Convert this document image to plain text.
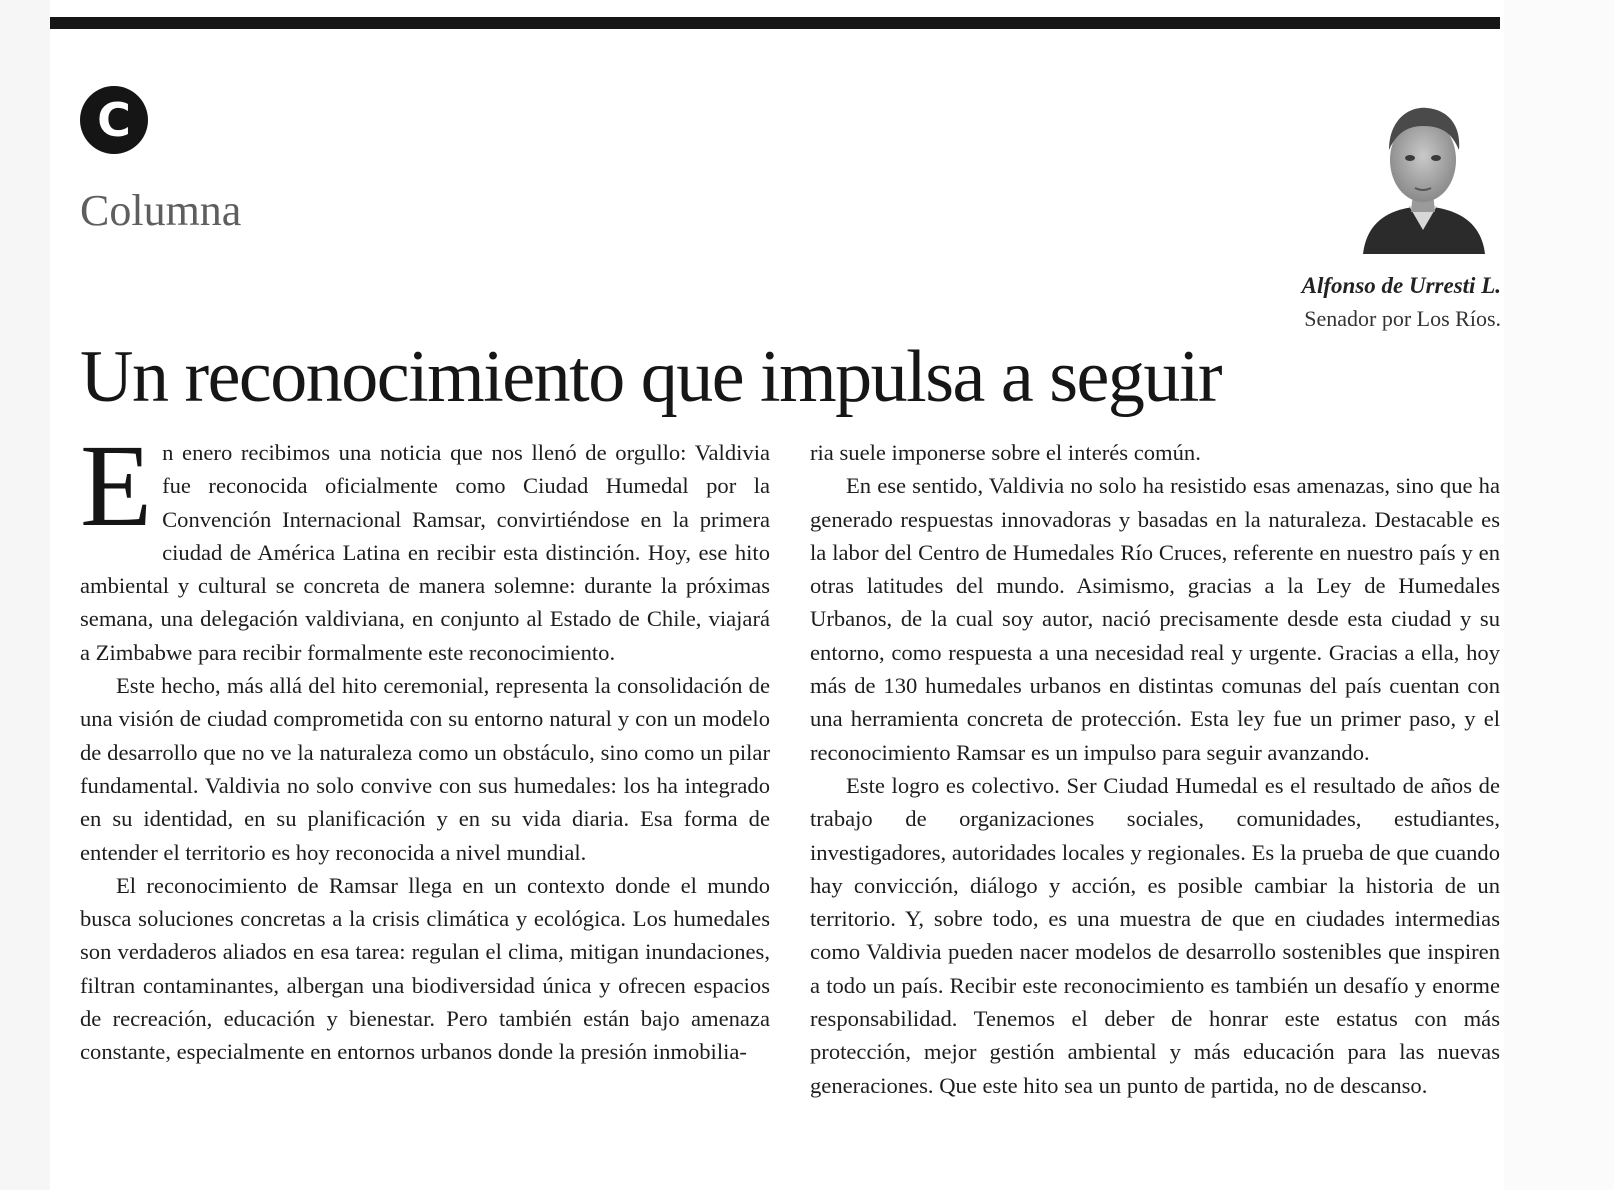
C
Columna
Alfonso de Urresti L.
Senador por Los Ríos.
Un reconocimiento que impulsa a seguir

En enero recibimos una noticia que nos llenó de orgullo: Valdivia fue reconocida oficialmente como Ciudad Humedal por la Convención Internacional Ramsar, convirtiéndose en la primera ciudad de América Latina en recibir esta distinción. Hoy, ese hito ambiental y cultural se concreta de manera solemne: durante la próximas semana, una delegación valdiviana, en conjunto al Estado de Chile, viajará a Zimbabwe para recibir formalmente este reconocimiento.

Este hecho, más allá del hito ceremonial, representa la consolidación de una visión de ciudad comprometida con su entorno natural y con un modelo de desarrollo que no ve la naturaleza como un obstáculo, sino como un pilar fundamental. Valdivia no solo convive con sus humedales: los ha integrado en su identidad, en su planificación y en su vida diaria. Esa forma de entender el territorio es hoy reconocida a nivel mundial.

El reconocimiento de Ramsar llega en un contexto donde el mundo busca soluciones concretas a la crisis climática y ecológica. Los humedales son verdaderos aliados en esa tarea: regulan el clima, mitigan inundaciones, filtran contaminantes, albergan una biodiversidad única y ofrecen espacios de recreación, educación y bienestar. Pero también están bajo amenaza constante, especialmente en entornos urbanos donde la presión inmobilia-

ria suele imponerse sobre el interés común.

En ese sentido, Valdivia no solo ha resistido esas amenazas, sino que ha generado respuestas innovadoras y basadas en la naturaleza. Destacable es la labor del Centro de Humedales Río Cruces, referente en nuestro país y en otras latitudes del mundo. Asimismo, gracias a la Ley de Humedales Urbanos, de la cual soy autor, nació precisamente desde esta ciudad y su entorno, como respuesta a una necesidad real y urgente. Gracias a ella, hoy más de 130 humedales urbanos en distintas comunas del país cuentan con una herramienta concreta de protección. Esta ley fue un primer paso, y el reconocimiento Ramsar es un impulso para seguir avanzando.

Este logro es colectivo. Ser Ciudad Humedal es el resultado de años de trabajo de organizaciones sociales, comunidades, estudiantes, investigadores, autoridades locales y regionales. Es la prueba de que cuando hay convicción, diálogo y acción, es posible cambiar la historia de un territorio. Y, sobre todo, es una muestra de que en ciudades intermedias como Valdivia pueden nacer modelos de desarrollo sostenibles que inspiren a todo un país. Recibir este reconocimiento es también un desafío y enorme responsabilidad. Tenemos el deber de honrar este estatus con más protección, mejor gestión ambiental y más educación para las nuevas generaciones. Que este hito sea un punto de partida, no de descanso.
